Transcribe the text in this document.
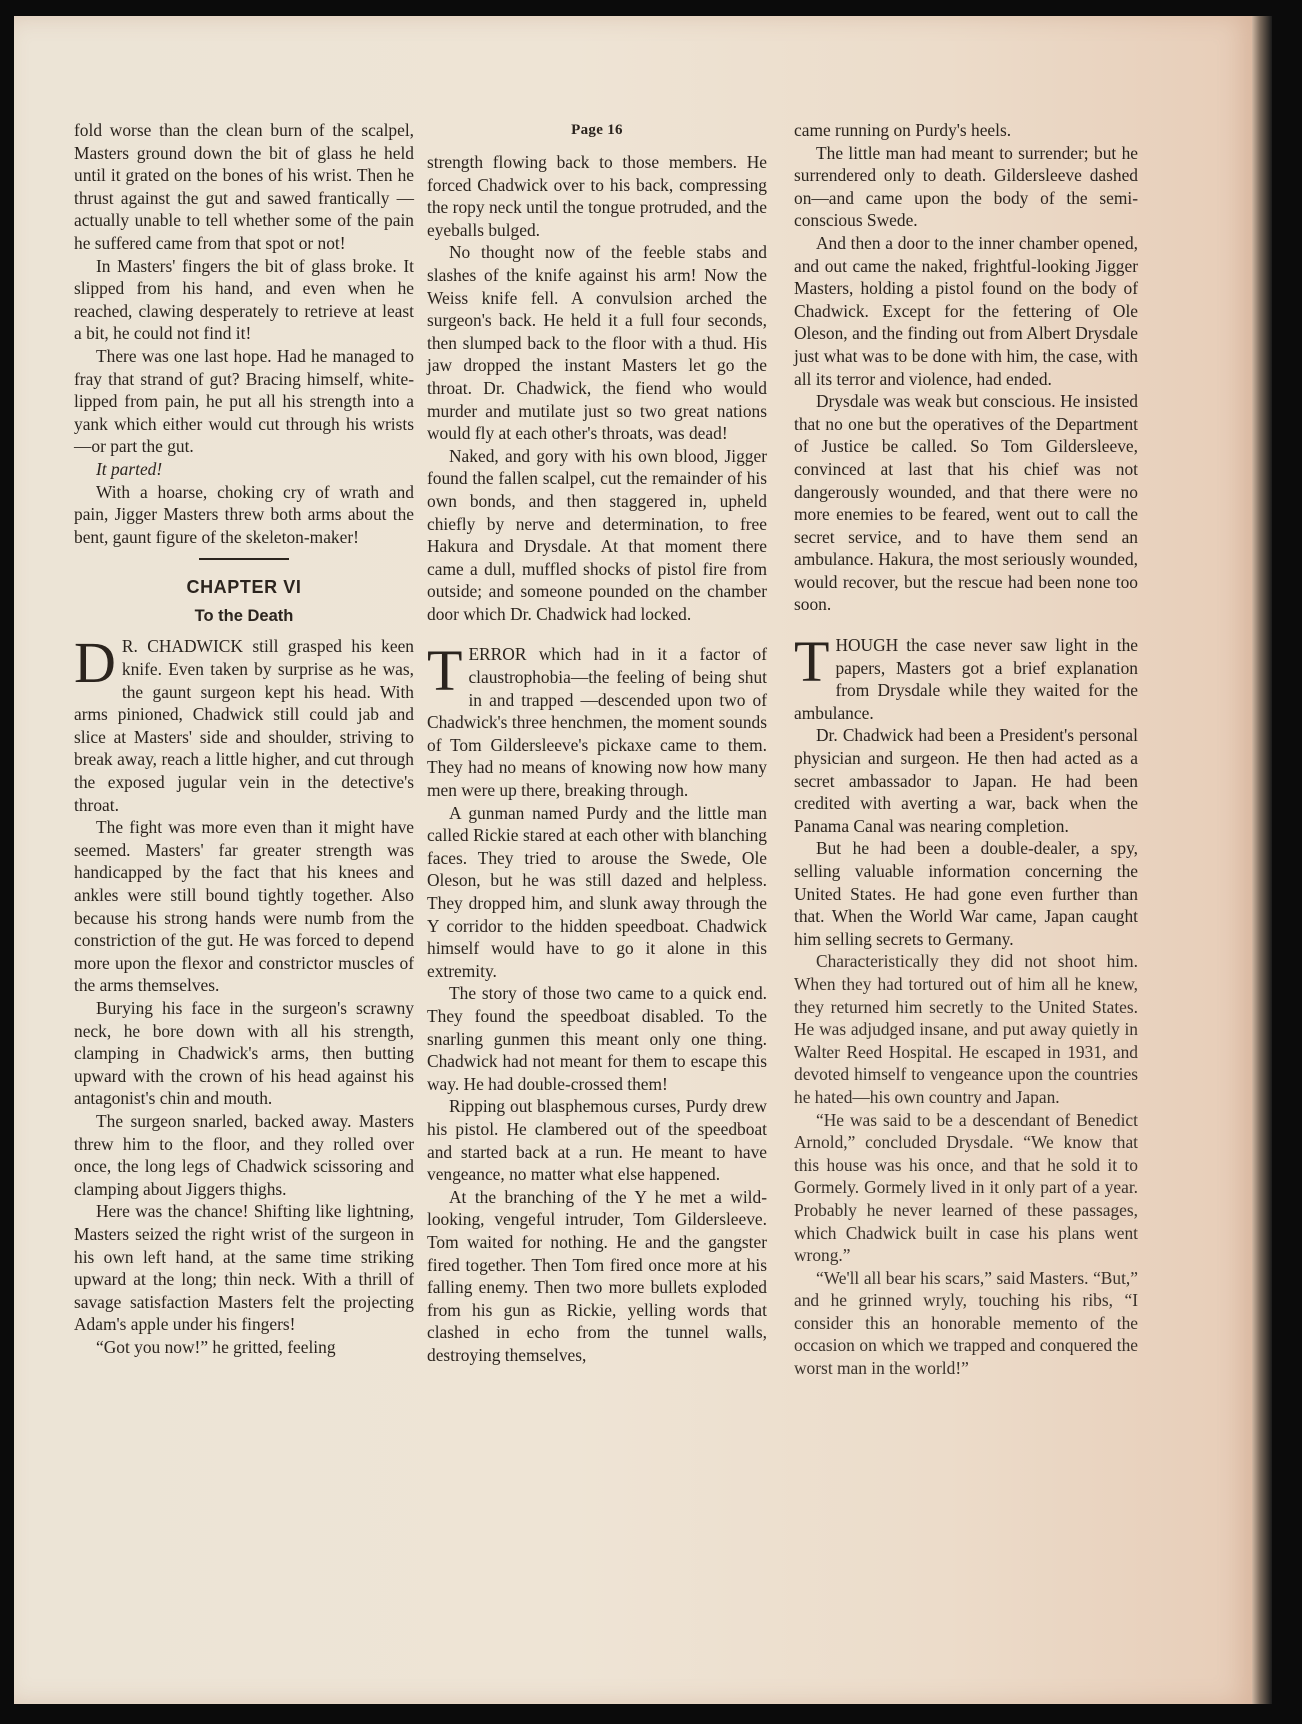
fold worse than the clean burn of the scalpel, Masters ground down the bit of glass he held until it grated on the bones of his wrist. Then he thrust against the gut and sawed frantically —actually unable to tell whether some of the pain he suffered came from that spot or not!

In Masters' fingers the bit of glass broke. It slipped from his hand, and even when he reached, clawing desperately to retrieve at least a bit, he could not find it!

There was one last hope. Had he managed to fray that strand of gut? Bracing himself, white-lipped from pain, he put all his strength into a yank which either would cut through his wrists—or part the gut.

It parted!

With a hoarse, choking cry of wrath and pain, Jigger Masters threw both arms about the bent, gaunt figure of the skeleton-maker!

CHAPTER VI
To the Death

D R. CHADWICK still grasped his keen knife. Even taken by surprise as he was, the gaunt surgeon kept his head. With arms pinioned, Chadwick still could jab and slice at Masters' side and shoulder, striving to break away, reach a little higher, and cut through the exposed jugular vein in the detective's throat.

The fight was more even than it might have seemed. Masters' far greater strength was handicapped by the fact that his knees and ankles were still bound tightly together. Also because his strong hands were numb from the constriction of the gut. He was forced to depend more upon the flexor and constrictor muscles of the arms themselves.

Burying his face in the surgeon's scrawny neck, he bore down with all his strength, clamping in Chadwick's arms, then butting upward with the crown of his head against his antagonist's chin and mouth.

The surgeon snarled, backed away. Masters threw him to the floor, and they rolled over once, the long legs of Chadwick scissoring and clamping about Jiggers thighs.

Here was the chance! Shifting like lightning, Masters seized the right wrist of the surgeon in his own left hand, at the same time striking upward at the long; thin neck. With a thrill of savage satisfaction Masters felt the projecting Adam's apple under his fingers!

“Got you now!” he gritted, feeling

Page 16

strength flowing back to those members. He forced Chadwick over to his back, compressing the ropy neck until the tongue protruded, and the eyeballs bulged.

No thought now of the feeble stabs and slashes of the knife against his arm! Now the Weiss knife fell. A convulsion arched the surgeon's back. He held it a full four seconds, then slumped back to the floor with a thud. His jaw dropped the instant Masters let go the throat. Dr. Chadwick, the fiend who would murder and mutilate just so two great nations would fly at each other's throats, was dead!

Naked, and gory with his own blood, Jigger found the fallen scalpel, cut the remainder of his own bonds, and then staggered in, upheld chiefly by nerve and determination, to free Hakura and Drysdale. At that moment there came a dull, muffled shocks of pistol fire from outside; and someone pounded on the chamber door which Dr. Chadwick had locked.

TERROR which had in it a factor of claustrophobia—the feeling of being shut in and trapped —descended upon two of Chadwick's three henchmen, the moment sounds of Tom Gildersleeve's pickaxe came to them. They had no means of knowing now how many men were up there, breaking through.

A gunman named Purdy and the little man called Rickie stared at each other with blanching faces. They tried to arouse the Swede, Ole Oleson, but he was still dazed and helpless. They dropped him, and slunk away through the Y corridor to the hidden speedboat. Chadwick himself would have to go it alone in this extremity.

The story of those two came to a quick end. They found the speedboat disabled. To the snarling gunmen this meant only one thing. Chadwick had not meant for them to escape this way. He had double-crossed them!

Ripping out blasphemous curses, Purdy drew his pistol. He clambered out of the speedboat and started back at a run. He meant to have vengeance, no matter what else happened.

At the branching of the Y he met a wild-looking, vengeful intruder, Tom Gildersleeve. Tom waited for nothing. He and the gangster fired together. Then Tom fired once more at his falling enemy. Then two more bullets exploded from his gun as Rickie, yelling words that clashed in echo from the tunnel walls, destroying themselves,

came running on Purdy's heels.

The little man had meant to surrender; but he surrendered only to death. Gildersleeve dashed on—and came upon the body of the semi-conscious Swede.

And then a door to the inner chamber opened, and out came the naked, frightful-looking Jigger Masters, holding a pistol found on the body of Chadwick. Except for the fettering of Ole Oleson, and the finding out from Albert Drysdale just what was to be done with him, the case, with all its terror and violence, had ended.

Drysdale was weak but conscious. He insisted that no one but the operatives of the Department of Justice be called. So Tom Gildersleeve, convinced at last that his chief was not dangerously wounded, and that there were no more enemies to be feared, went out to call the secret service, and to have them send an ambulance. Hakura, the most seriously wounded, would recover, but the rescue had been none too soon.

THOUGH the case never saw light in the papers, Masters got a brief explanation from Drysdale while they waited for the ambulance.

Dr. Chadwick had been a President's personal physician and surgeon. He then had acted as a secret ambassador to Japan. He had been credited with averting a war, back when the Panama Canal was nearing completion.

But he had been a double-dealer, a spy, selling valuable information concerning the United States. He had gone even further than that. When the World War came, Japan caught him selling secrets to Germany.

Characteristically they did not shoot him. When they had tortured out of him all he knew, they returned him secretly to the United States. He was adjudged insane, and put away quietly in Walter Reed Hospital. He escaped in 1931, and devoted himself to vengeance upon the countries he hated—his own country and Japan.

“He was said to be a descendant of Benedict Arnold,” concluded Drysdale. “We know that this house was his once, and that he sold it to Gormely. Gormely lived in it only part of a year. Probably he never learned of these passages, which Chadwick built in case his plans went wrong.”

“We'll all bear his scars,” said Masters. “But,” and he grinned wryly, touching his ribs, “I consider this an honorable memento of the occasion on which we trapped and conquered the worst man in the world!”
